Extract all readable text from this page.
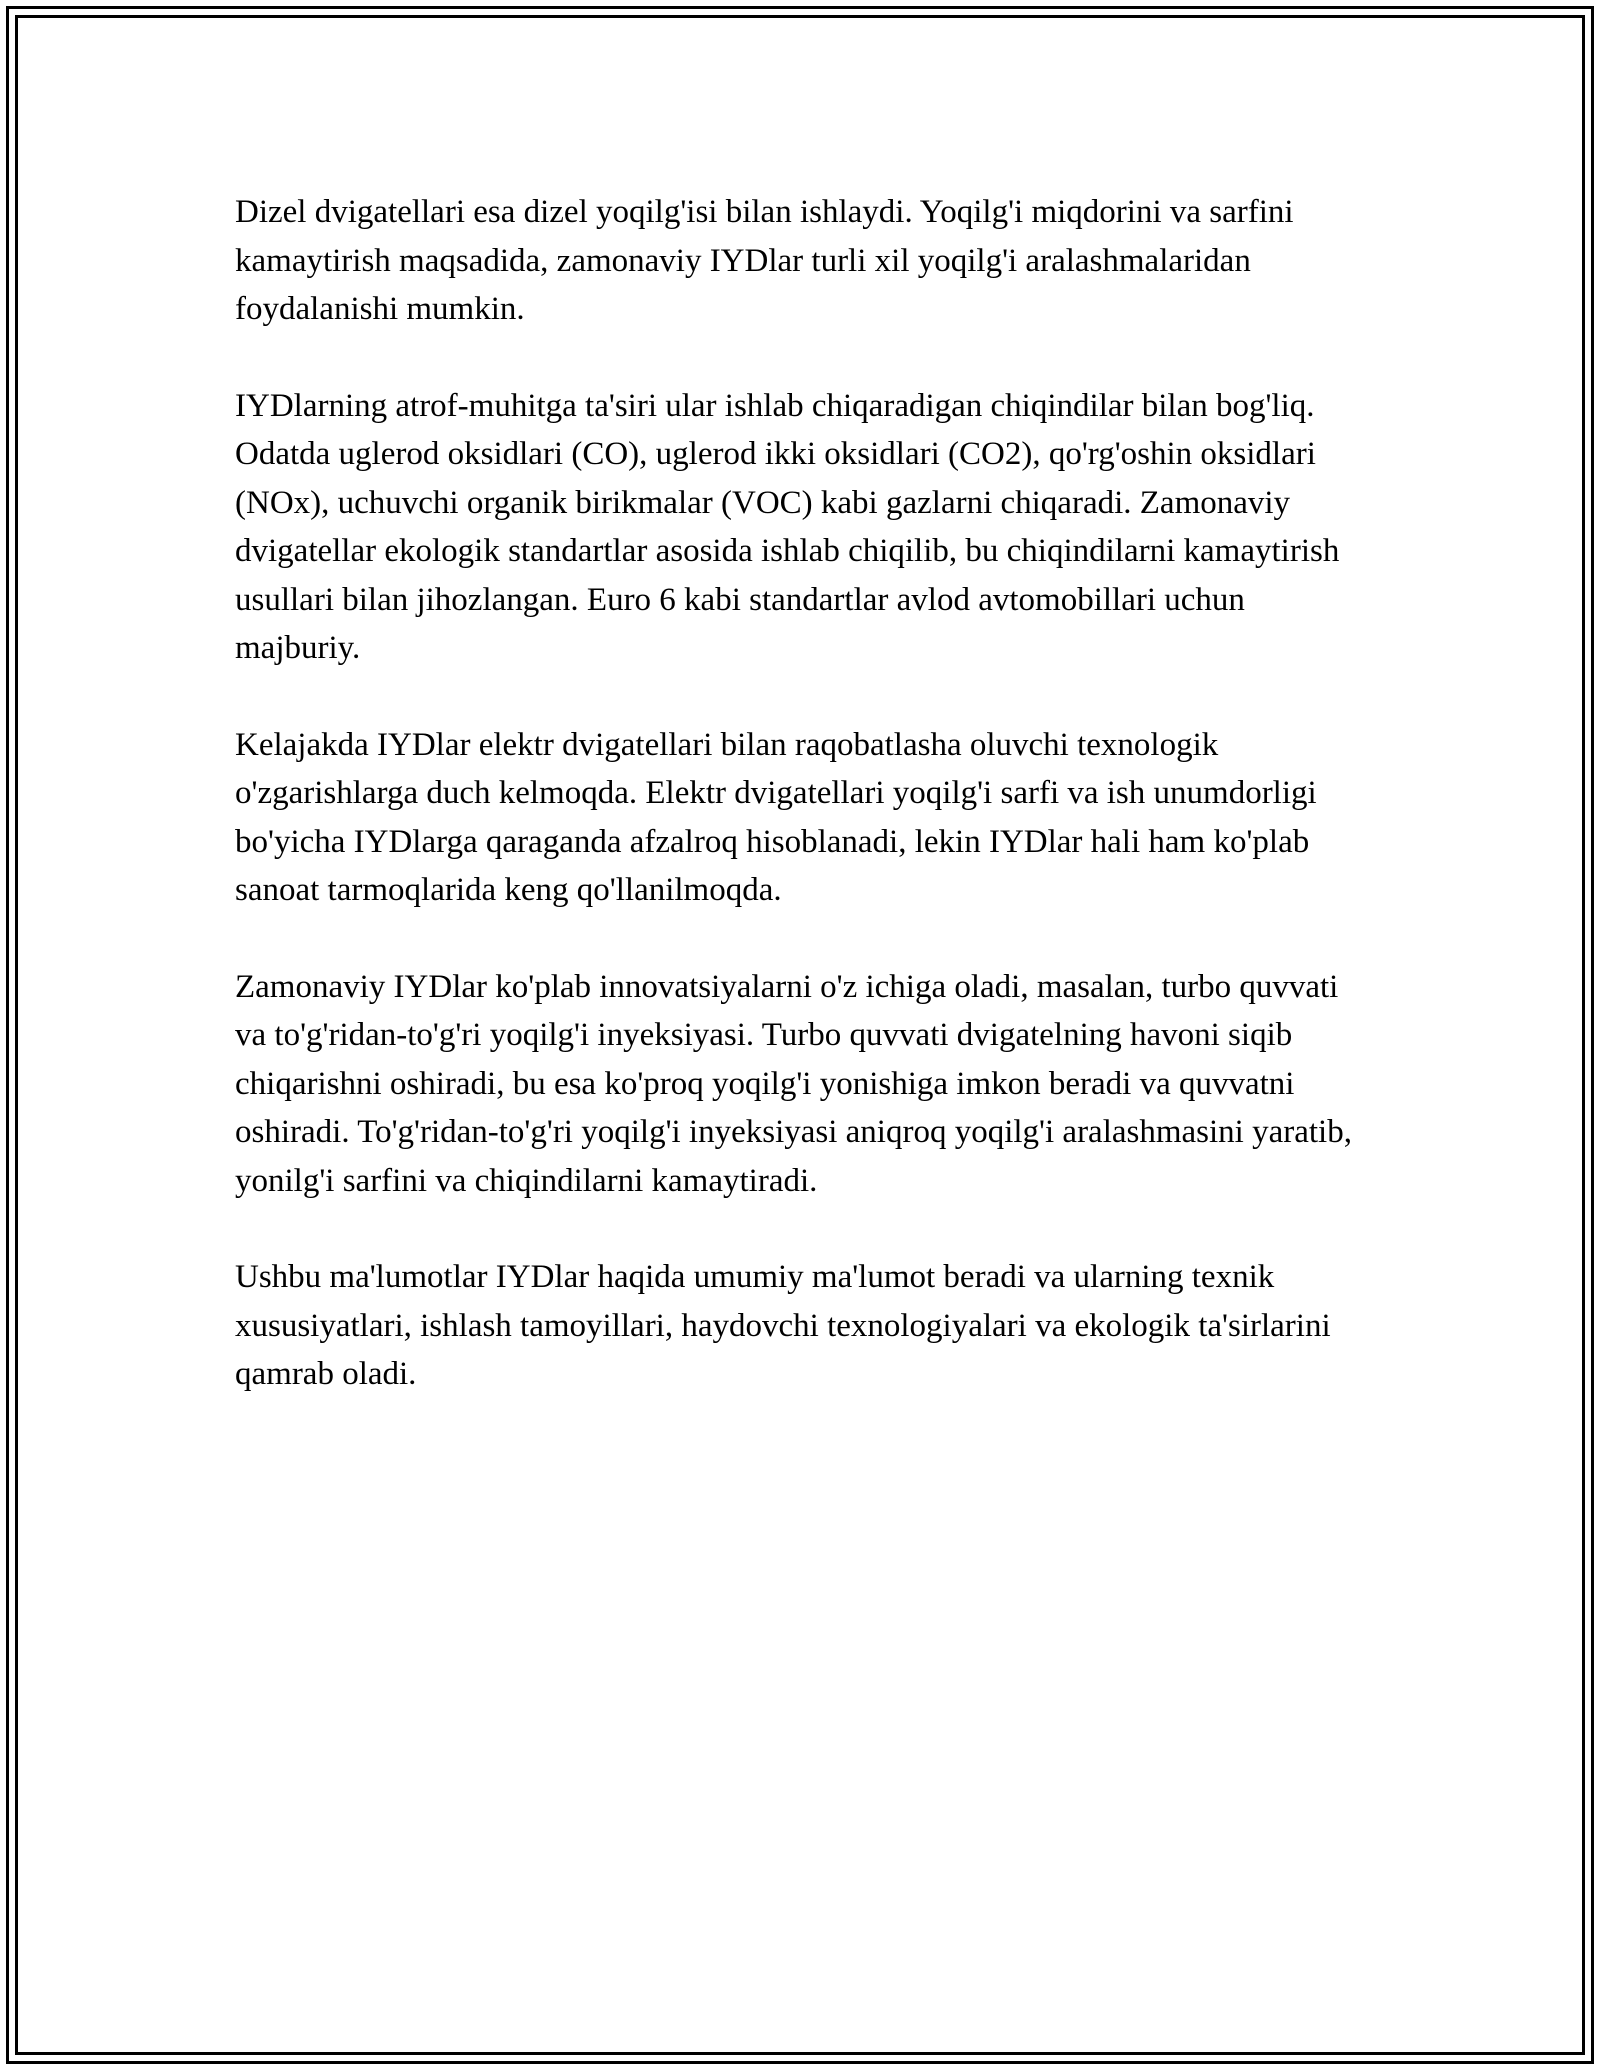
Dizel dvigatellari esa dizel yoqilg'isi bilan ishlaydi. Yoqilg'i miqdorini va sarfini kamaytirish maqsadida, zamonaviy IYDlar turli xil yoqilg'i aralashmalaridan foydalanishi mumkin.

IYDlarning atrof-muhitga ta'siri ular ishlab chiqaradigan chiqindilar bilan bog'liq. Odatda uglerod oksidlari (CO), uglerod ikki oksidlari (CO2), qo'rg'oshin oksidlari (NOx), uchuvchi organik birikmalar (VOC) kabi gazlarni chiqaradi. Zamonaviy dvigatellar ekologik standartlar asosida ishlab chiqilib, bu chiqindilarni kamaytirish usullari bilan jihozlangan. Euro 6 kabi standartlar avlod avtomobillari uchun majburiy.

Kelajakda IYDlar elektr dvigatellari bilan raqobatlasha oluvchi texnologik o'zgarishlarga duch kelmoqda. Elektr dvigatellari yoqilg'i sarfi va ish unumdorligi bo'yicha IYDlarga qaraganda afzalroq hisoblanadi, lekin IYDlar hali ham ko'plab sanoat tarmoqlarida keng qo'llanilmoqda.

Zamonaviy IYDlar ko'plab innovatsiyalarni o'z ichiga oladi, masalan, turbo quvvati va to'g'ridan-to'g'ri yoqilg'i inyeksiyasi. Turbo quvvati dvigatelning havoni siqib chiqarishni oshiradi, bu esa ko'proq yoqilg'i yonishiga imkon beradi va quvvatni oshiradi. To'g'ridan-to'g'ri yoqilg'i inyeksiyasi aniqroq yoqilg'i aralashmasini yaratib, yonilg'i sarfini va chiqindilarni kamaytiradi.

Ushbu ma'lumotlar IYDlar haqida umumiy ma'lumot beradi va ularning texnik xususiyatlari, ishlash tamoyillari, haydovchi texnologiyalari va ekologik ta'sirlarini qamrab oladi.
